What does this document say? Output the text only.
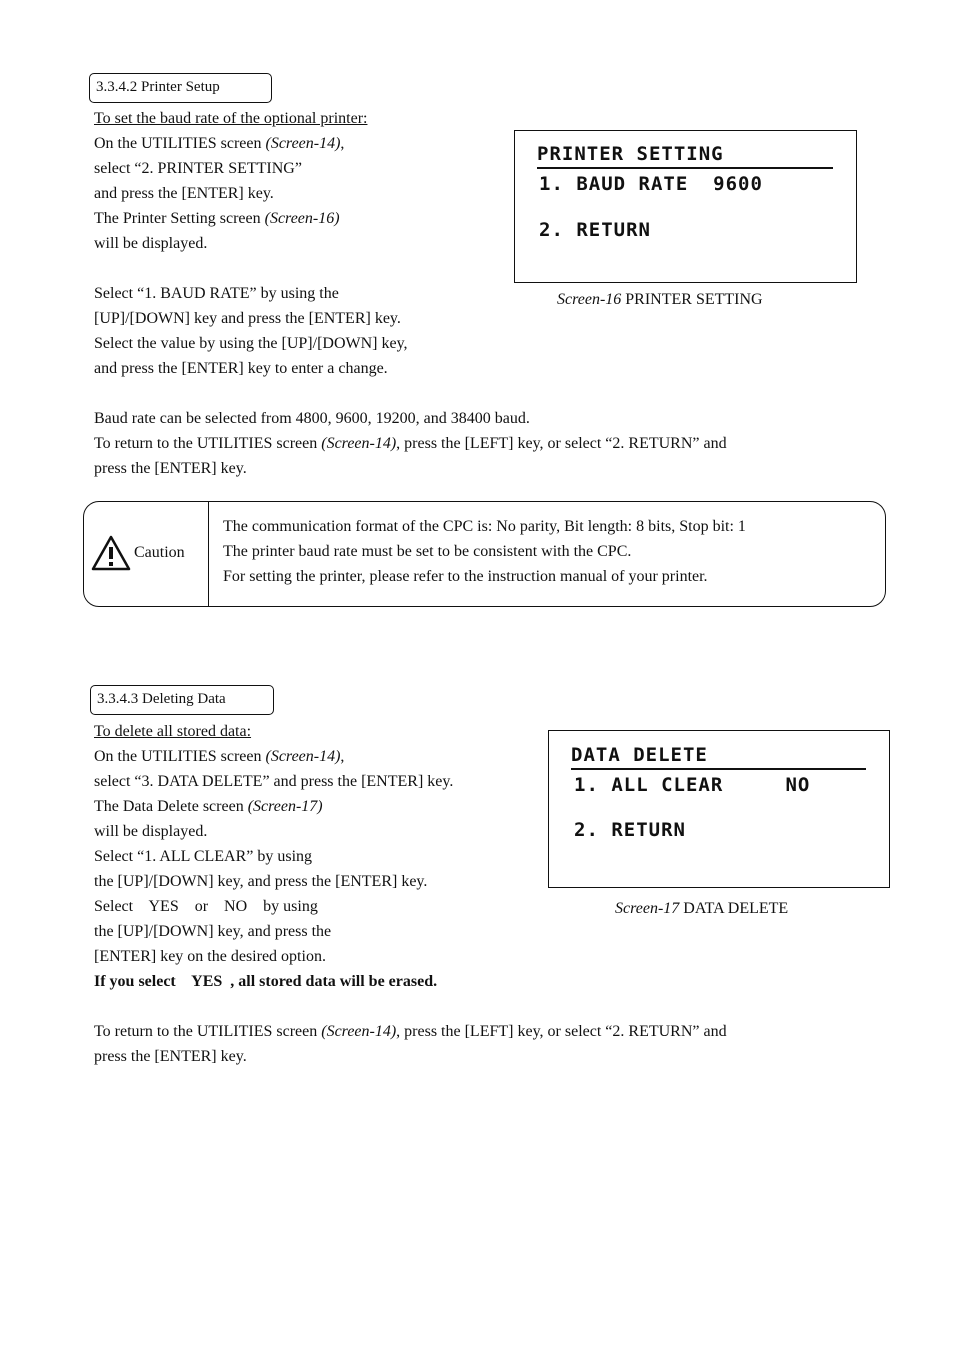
3.3.4.2 Printer Setup
To set the baud rate of the optional printer:
On the UTILITIES screen (Screen-14),
select “2. PRINTER SETTING”
and press the [ENTER] key.
The Printer Setting screen (Screen-16)
will be displayed.
Select “1. BAUD RATE” by using the
[UP]/[DOWN] key and press the [ENTER] key.
Select the value by using the [UP]/[DOWN] key,
and press the [ENTER] key to enter a change.
PRINTER SETTING
1. BAUD RATE  9600
2. RETURN
Screen-16 PRINTER SETTING
Baud rate can be selected from 4800, 9600, 19200, and 38400 baud.
To return to the UTILITIES screen (Screen-14), press the [LEFT] key, or select “2. RETURN” and
press the [ENTER] key.
Caution
The communication format of the CPC is: No parity, Bit length: 8 bits, Stop bit: 1
The printer baud rate must be set to be consistent with the CPC.
For setting the printer, please refer to the instruction manual of your printer.
3.3.4.3 Deleting Data
To delete all stored data:
On the UTILITIES screen (Screen-14),
select “3. DATA DELETE” and press the [ENTER] key.
The Data Delete screen (Screen-17)
will be displayed.
Select “1. ALL CLEAR” by using
the [UP]/[DOWN] key, and press the [ENTER] key.
Select    YES    or    NO    by using
the [UP]/[DOWN] key, and press the
[ENTER] key on the desired option.
If you select    YES  , all stored data will be erased.
DATA DELETE
1. ALL CLEAR     NO
2. RETURN
Screen-17 DATA DELETE
To return to the UTILITIES screen (Screen-14), press the [LEFT] key, or select “2. RETURN” and
press the [ENTER] key.
